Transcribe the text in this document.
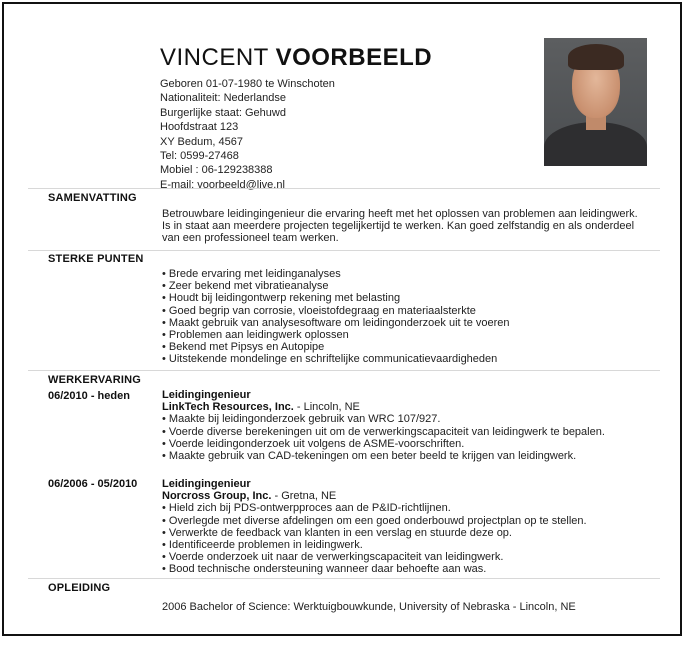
VINCENT VOORBEELD
Geboren 01-07-1980 te Winschoten
Nationaliteit: Nederlandse
Burgerlijke staat: Gehuwd
Hoofdstraat 123
XY Bedum, 4567
Tel: 0599-27468
Mobiel : 06-129238388
E-mail: voorbeeld@live.nl
SAMENVATTING

Betrouwbare leidingingenieur die ervaring heeft met het oplossen van problemen aan leidingwerk. Is in staat aan meerdere projecten tegelijkertijd te werken. Kan goed zelfstandig en als onderdeel van een professioneel team werken.

STERKE PUNTEN
• Brede ervaring met leidinganalyses
• Zeer bekend met vibratieanalyse
• Houdt bij leidingontwerp rekening met belasting
• Goed begrip van corrosie, vloeistofdegraag en materiaalsterkte
• Maakt gebruik van analysesoftware om leidingonderzoek uit te voeren
• Problemen aan leidingwerk oplossen
• Bekend met Pipsys en Autopipe
• Uitstekende mondelinge en schriftelijke communicatievaardigheden
WERKERVARING
06/2010 - heden	Leidingingenieur
LinkTech Resources, Inc. - Lincoln, NE
• Maakte bij leidingonderzoek gebruik van WRC 107/927.
• Voerde diverse berekeningen uit om de verwerkingscapaciteit van leidingwerk te bepalen.
• Voerde leidingonderzoek uit volgens de ASME-voorschriften.
• Maakte gebruik van CAD-tekeningen om een beter beeld te krijgen van leidingwerk.
06/2006 - 05/2010 Leidingingenieur
Norcross Group, Inc. - Gretna, NE
• Hield zich bij PDS-ontwerpproces aan de P&ID-richtlijnen.
• Overlegde met diverse afdelingen om een goed onderbouwd projectplan op te stellen.
• Verwerkte de feedback van klanten in een verslag en stuurde deze op.
• Identificeerde problemen in leidingwerk.
• Voerde onderzoek uit naar de verwerkingscapaciteit van leidingwerk.
• Bood technische ondersteuning wanneer daar behoefte aan was.
OPLEIDING

2006 Bachelor of Science: Werktuigbouwkunde, University of Nebraska - Lincoln, NE
